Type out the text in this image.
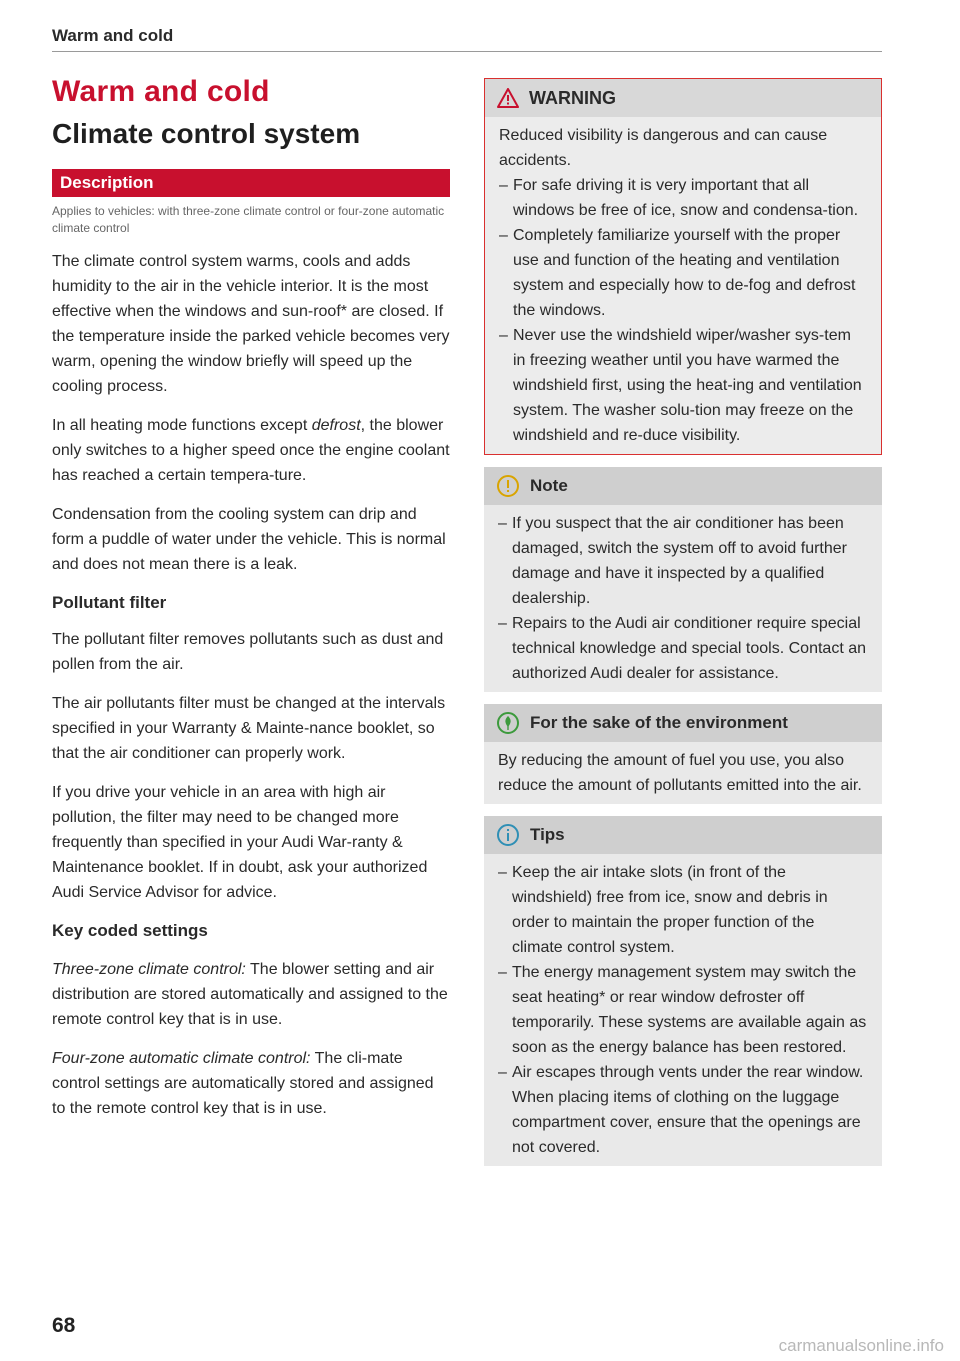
Warm and cold
Warm and cold
Climate control system
Description
Applies to vehicles: with three-zone climate control or four-zone automatic climate control

The climate control system warms, cools and adds humidity to the air in the vehicle interior. It is the most effective when the windows and sun-roof* are closed. If the temperature inside the parked vehicle becomes very warm, opening the window briefly will speed up the cooling process.

In all heating mode functions except defrost, the blower only switches to a higher speed once the engine coolant has reached a certain tempera-ture.

Condensation from the cooling system can drip and form a puddle of water under the vehicle. This is normal and does not mean there is a leak.

Pollutant filter

The pollutant filter removes pollutants such as dust and pollen from the air.

The air pollutants filter must be changed at the intervals specified in your Warranty & Mainte-nance booklet, so that the air conditioner can properly work.

If you drive your vehicle in an area with high air pollution, the filter may need to be changed more frequently than specified in your Audi War-ranty & Maintenance booklet. If in doubt, ask your authorized Audi Service Advisor for advice.

Key coded settings

Three-zone climate control: The blower setting and air distribution are stored automatically and assigned to the remote control key that is in use.

Four-zone automatic climate control: The cli-mate control settings are automatically stored and assigned to the remote control key that is in use.

WARNING
Reduced visibility is dangerous and can cause accidents.
– For safe driving it is very important that all windows be free of ice, snow and condensa-tion.
– Completely familiarize yourself with the proper use and function of the heating and ventilation system and especially how to de-fog and defrost the windows.
– Never use the windshield wiper/washer sys-tem in freezing weather until you have warmed the windshield first, using the heat-ing and ventilation system. The washer solu-tion may freeze on the windshield and re-duce visibility.
Note
– If you suspect that the air conditioner has been damaged, switch the system off to avoid further damage and have it inspected by a qualified dealership.
– Repairs to the Audi air conditioner require special technical knowledge and special tools. Contact an authorized Audi dealer for assistance.
For the sake of the environment
By reducing the amount of fuel you use, you also reduce the amount of pollutants emitted into the air.
Tips
– Keep the air intake slots (in front of the windshield) free from ice, snow and debris in order to maintain the proper function of the climate control system.
– The energy management system may switch the seat heating* or rear window defroster off temporarily. These systems are available again as soon as the energy balance has been restored.
– Air escapes through vents under the rear window. When placing items of clothing on the luggage compartment cover, ensure that the openings are not covered.
68
carmanualsonline.info
